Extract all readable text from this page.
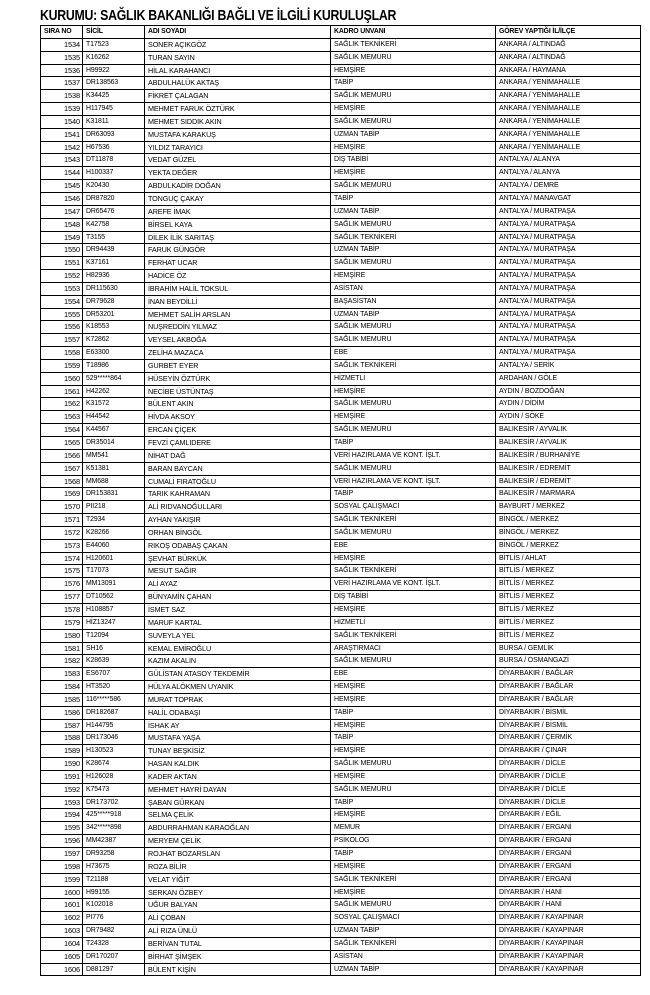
KURUMU: SAĞLIK BAKANLIĞI BAĞLI VE İLGİLİ KURULUŞLAR
SIRA NO	SİCİL	ADI SOYADI	KADRO UNVANI	GÖREV YAPTIĞI İL/İLÇE
1534	T17523	SONER AÇIKGÖZ	SAĞLIK TEKNİKERİ	ANKARA / ALTINDAĞ
1535	K16262	TURAN SAYIN	SAĞLIK MEMURU	ANKARA / ALTINDAĞ
1536	H99922	HİLAL KARAHANCI	HEMŞİRE	ANKARA / HAYMANA
1537	DR138563	ABDULHALÜK AKTAŞ	TABİP	ANKARA / YENİMAHALLE
1538	K34425	FİKRET ÇALAGAN	SAĞLIK MEMURU	ANKARA / YENİMAHALLE
1539	H117945	MEHMET FARUK ÖZTÜRK	HEMŞİRE	ANKARA / YENİMAHALLE
1540	K31811	MEHMET SIDDIK AKIN	SAĞLIK MEMURU	ANKARA / YENİMAHALLE
1541	DR63093	MUSTAFA KARAKUŞ	UZMAN TABİP	ANKARA / YENİMAHALLE
1542	H67536	YILDIZ TARAYICI	HEMŞİRE	ANKARA / YENİMAHALLE
1543	DT11878	VEDAT GÜZEL	DİŞ TABİBİ	ANTALYA / ALANYA
1544	H100337	YEKTA DEĞER	HEMŞİRE	ANTALYA / ALANYA
1545	K20430	ABDULKADİR DOĞAN	SAĞLIK MEMURU	ANTALYA / DEMRE
1546	DR87820	TONGUÇ ÇAKAY	TABİP	ANTALYA / MANAVGAT
1547	DR65476	AREFE İMAK	UZMAN TABİP	ANTALYA / MURATPAŞA
1548	K42758	BİRSEL KAYA	SAĞLIK MEMURU	ANTALYA / MURATPAŞA
1549	T3155	DİLEK İLİK SARITAŞ	SAĞLIK TEKNİKERİ	ANTALYA / MURATPAŞA
1550	DR94439	FARUK GÜNGÖR	UZMAN TABİP	ANTALYA / MURATPAŞA
1551	K37161	FERHAT UCAR	SAĞLIK MEMURU	ANTALYA / MURATPAŞA
1552	H82936	HADİCE ÖZ	HEMŞİRE	ANTALYA / MURATPAŞA
1553	DR115630	İBRAHİM HALİL TOKSUL	ASİSTAN	ANTALYA / MURATPAŞA
1554	DR79628	İNAN BEYDİLLİ	BAŞASİSTAN	ANTALYA / MURATPAŞA
1555	DR53201	MEHMET SALİH ARSLAN	UZMAN TABİP	ANTALYA / MURATPAŞA
1556	K18553	NUŞREDDİN YILMAZ	SAĞLIK MEMURU	ANTALYA / MURATPAŞA
1557	K72862	VEYSEL AKBOĞA	SAĞLIK MEMURU	ANTALYA / MURATPAŞA
1558	E63300	ZELİHA MAZACA	EBE	ANTALYA / MURATPAŞA
1559	T18986	GURBET EYER	SAĞLIK TEKNİKERİ	ANTALYA / SERİK
1560	529*****864	HÜSEYİN ÖZTÜRK	HİZMETLİ	ARDAHAN / GÖLE
1561	H42262	NECİBE ÜSTÜNTAŞ	HEMŞİRE	AYDIN / BOZDOĞAN
1562	K31572	BÜLENT AKIN	SAĞLIK MEMURU	AYDIN / DİDİM
1563	H44542	HİVDA AKSOY	HEMŞİRE	AYDIN / SÖKE
1564	K44567	ERCAN ÇİÇEK	SAĞLIK MEMURU	BALIKESİR / AYVALIK
1565	DR35014	FEVZİ ÇAMLIDERE	TABİP	BALIKESİR / AYVALIK
1566	MM541	NİHAT DAĞ	VERİ HAZIRLAMA VE KONT. İŞLT.	BALIKESİR / BURHANİYE
1567	K51381	BARAN BAYCAN	SAĞLIK MEMURU	BALIKESİR / EDREMİT
1568	MM688	CUMALİ FIRATOĞLU	VERİ HAZIRLAMA VE KONT. İŞLT.	BALIKESİR / EDREMİT
1569	DR153831	TARIK KAHRAMAN	TABİP	BALIKESİR / MARMARA
1570	PII218	ALİ RIDVANOĞULLARI	SOSYAL ÇALIŞMACI	BAYBURT / MERKEZ
1571	T2934	AYHAN YAKIŞIR	SAĞLIK TEKNİKERİ	BİNGÖL / MERKEZ
1572	K28266	ORHAN BİNGÖL	SAĞLIK MEMURU	BİNGÖL / MERKEZ
1573	E44060	RIKOŞ ODABAŞ ÇAKAN	EBE	BİNGÖL / MERKEZ
1574	H120601	ŞEVHAT BÜRKÜK	HEMŞİRE	BİTLİS / AHLAT
1575	T17073	MESUT SAĞIR	SAĞLIK TEKNİKERİ	BİTLİS / MERKEZ
1576	MM13091	ALİ AYAZ	VERİ HAZIRLAMA VE KONT. İŞLT.	BİTLİS / MERKEZ
1577	DT10562	BÜNYAMİN ÇAHAN	DİŞ TABİBİ	BİTLİS / MERKEZ
1578	H108857	İSMET SAZ	HEMŞİRE	BİTLİS / MERKEZ
1579	HİZ13247	MARUF KARTAL	HİZMETLİ	BİTLİS / MERKEZ
1580	T12094	SUVEYLA YEL	SAĞLIK TEKNİKERİ	BİTLİS / MERKEZ
1581	SH16	KEMAL EMİROĞLU	ARAŞTIRMACI	BURSA / GEMLİK
1582	K28639	KAZIM AKALIN	SAĞLIK MEMURU	BURSA / OSMANGAZİ
1583	ES6707	GÜLİSTAN ATASOY TEKDEMİR	EBE	DİYARBAKIR / BAĞLAR
1584	HT3520	HÜLYA ALÖKMEN UYANIK	HEMŞİRE	DİYARBAKIR / BAĞLAR
1585	116*****586	MURAT TOPRAK	HEMŞİRE	DİYARBAKIR / BAĞLAR
1586	DR182687	HALİL ODABAŞI	TABİP	DİYARBAKIR / BİSMİL
1587	H144795	İSHAK AY	HEMŞİRE	DİYARBAKIR / BİSMİL
1588	DR173046	MUSTAFA YAŞA	TABİP	DİYARBAKIR / ÇERMİK
1589	H130523	TUNAY BEŞKİSİZ	HEMŞİRE	DİYARBAKIR / ÇINAR
1590	K28674	HASAN KALDIK	SAĞLIK MEMURU	DİYARBAKIR / DİCLE
1591	H126028	KADER AKTAN	HEMŞİRE	DİYARBAKIR / DİCLE
1592	K75473	MEHMET HAYRİ DAYAN	SAĞLIK MEMURU	DİYARBAKIR / DİCLE
1593	DR173702	ŞABAN GÜRKAN	TABİP	DİYARBAKIR / DİCLE
1594	425*****918	SELMA ÇELİK	HEMŞİRE	DİYARBAKIR / EĞİL
1595	342*****898	ABDURRAHMAN KARAOĞLAN	MEMUR	DİYARBAKIR / ERGANİ
1596	MM42387	MERYEM ÇELİK	PSİKOLOG	DİYARBAKIR / ERGANİ
1597	DR93258	ROJHAT BOZARSLAN	TABİP	DİYARBAKIR / ERGANİ
1598	H73675	ROZA BİLİR	HEMŞİRE	DİYARBAKIR / ERGANİ
1599	T21188	VELAT YİĞİT	SAĞLIK TEKNİKERİ	DİYARBAKIR / ERGANİ
1600	H99155	SERKAN ÖZBEY	HEMŞİRE	DİYARBAKIR / HANİ
1601	K102018	UĞUR BALYAN	SAĞLIK MEMURU	DİYARBAKIR / HANİ
1602	PI776	ALİ ÇOBAN	SOSYAL ÇALIŞMACI	DİYARBAKIR / KAYAPINAR
1603	DR79482	ALİ RIZA ÜNLÜ	UZMAN TABİP	DİYARBAKIR / KAYAPINAR
1604	T24328	BERİVAN TUTAL	SAĞLIK TEKNİKERİ	DİYARBAKIR / KAYAPINAR
1605	DR170207	BİRHAT ŞİMŞEK	ASİSTAN	DİYARBAKIR / KAYAPINAR
1606	D881297	BÜLENT KİŞİN	UZMAN TABİP	DİYARBAKIR / KAYAPINAR
